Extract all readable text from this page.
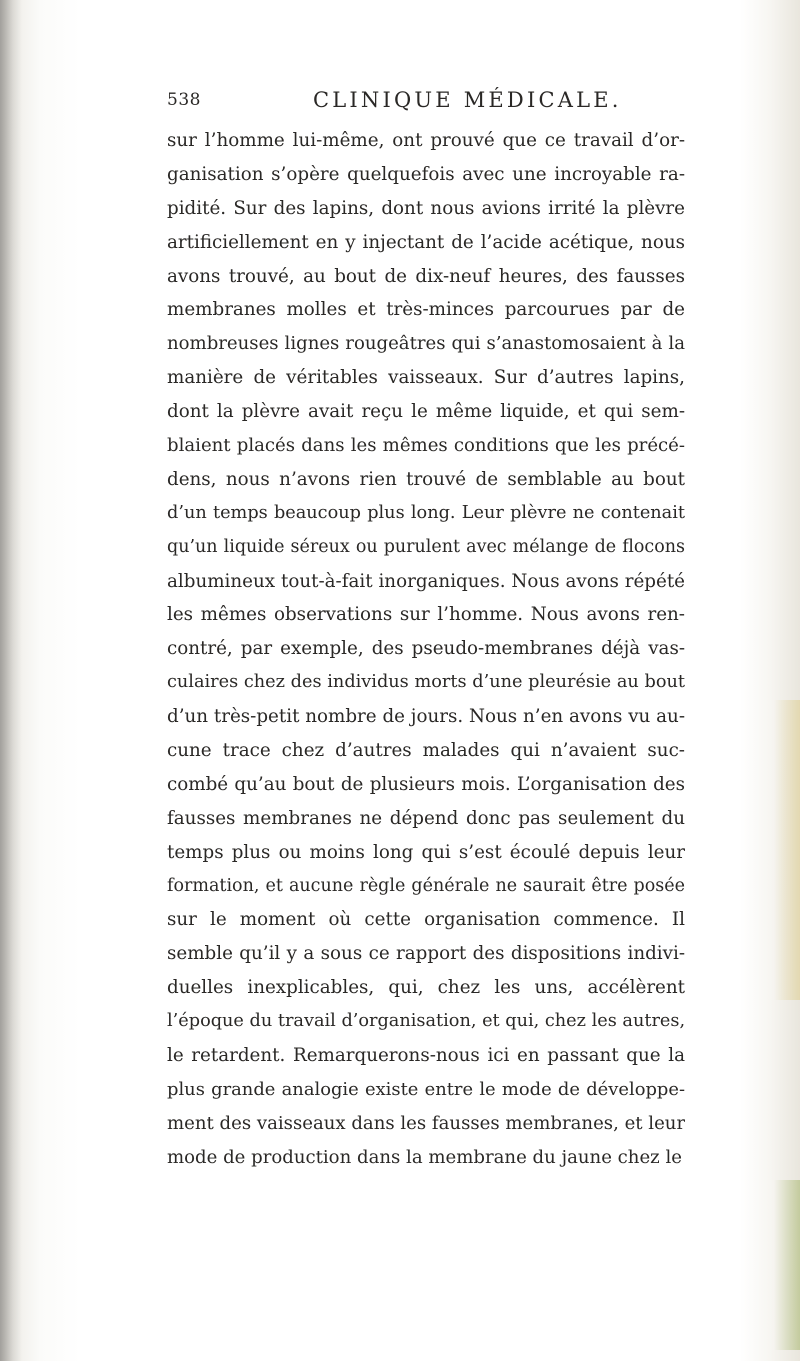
538	CLINIQUE MÉDICALE.
sur l’homme lui-même, ont prouvé que ce travail d’or-
ganisation s’opère quelquefois avec une incroyable ra-
pidité. Sur des lapins, dont nous avions irrité la plèvre
artificiellement en y injectant de l’acide acétique, nous
avons trouvé, au bout de dix-neuf heures, des fausses
membranes molles et très-minces parcourues par de
nombreuses lignes rougeâtres qui s’anastomosaient à la
manière de véritables vaisseaux. Sur d’autres lapins,
dont la plèvre avait reçu le même liquide, et qui sem-
blaient placés dans les mêmes conditions que les précé-
dens, nous n’avons rien trouvé de semblable au bout
d’un temps beaucoup plus long. Leur plèvre ne contenait
qu’un liquide séreux ou purulent avec mélange de flocons
albumineux tout-à-fait inorganiques. Nous avons répété
les mêmes observations sur l’homme. Nous avons ren-
contré, par exemple, des pseudo-membranes déjà vas-
culaires chez des individus morts d’une pleurésie au bout
d’un très-petit nombre de jours. Nous n’en avons vu au-
cune trace chez d’autres malades qui n’avaient suc-
combé qu’au bout de plusieurs mois. L’organisation des
fausses membranes ne dépend donc pas seulement du
temps plus ou moins long qui s’est écoulé depuis leur
formation, et aucune règle générale ne saurait être posée
sur le moment où cette organisation commence. Il
semble qu’il y a sous ce rapport des dispositions indivi-
duelles inexplicables, qui, chez les uns, accélèrent
l’époque du travail d’organisation, et qui, chez les autres,
le retardent. Remarquerons-nous ici en passant que la
plus grande analogie existe entre le mode de développe-
ment des vaisseaux dans les fausses membranes, et leur
mode de production dans la membrane du jaune chez le
